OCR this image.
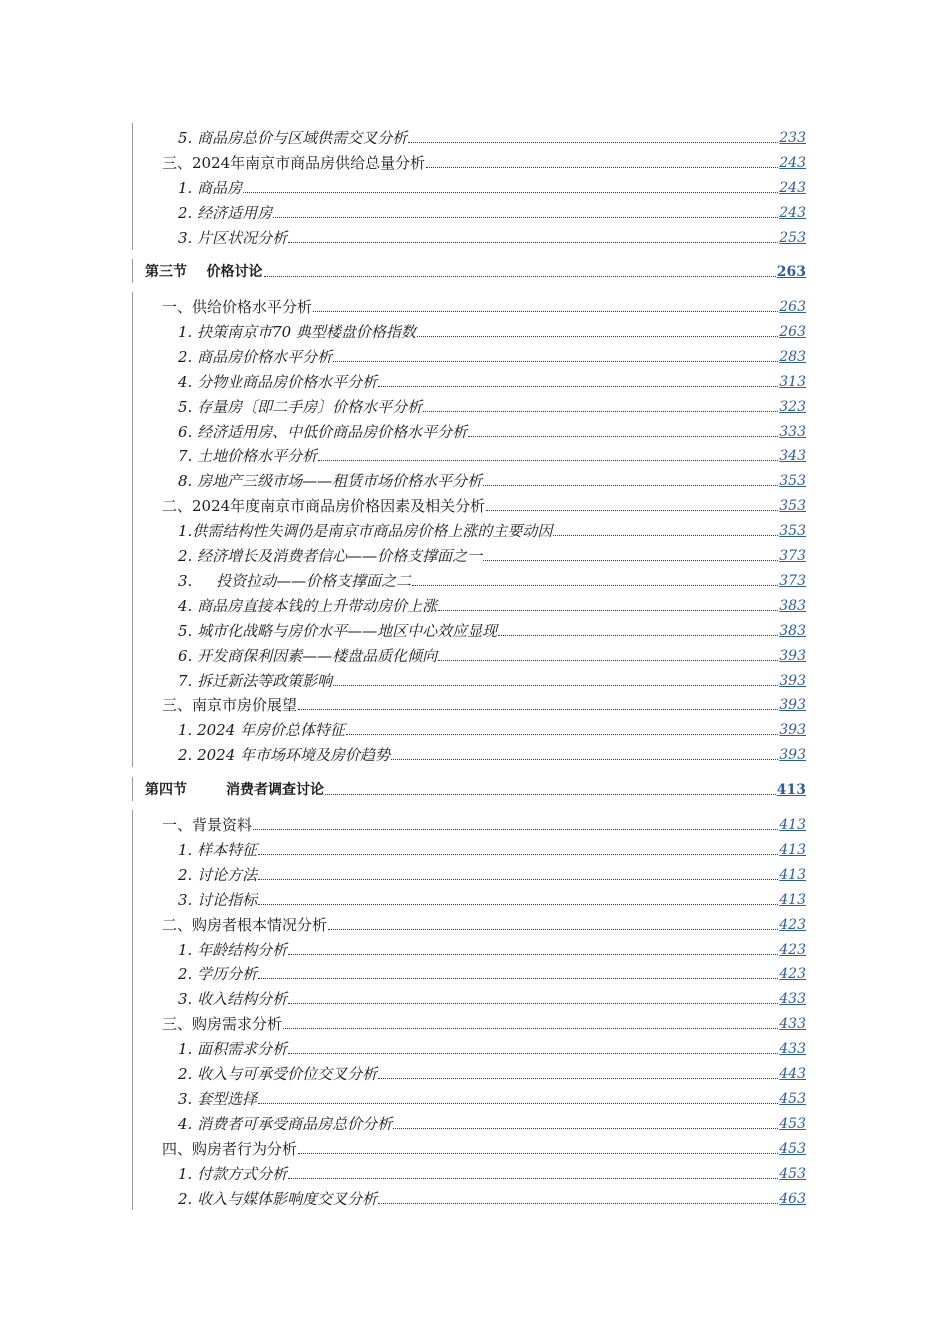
5. 商品房总价与区域供需交叉分析	233
三、2024年南京市商品房供给总量分析	243
1. 商品房	243
2. 经济适用房	243
3. 片区状况分析	253
第三节    价格讨论	263
一、供给价格水平分析	263
1. 抉策南京市70 典型楼盘价格指数	263
2. 商品房价格水平分析	283
4. 分物业商品房价格水平分析	313
5. 存量房〔即二手房〕价格水平分析	323
6. 经济适用房、中低价商品房价格水平分析	333
7. 土地价格水平分析	343
8. 房地产三级市场——租赁市场价格水平分析	353
二、2024年度南京市商品房价格因素及相关分析	353
1.供需结构性失调仍是南京市商品房价格上涨的主要动因	353
2. 经济增长及消费者信心——价格支撑面之一	373
3.     投资拉动——价格支撑面之二	373
4. 商品房直接本钱的上升带动房价上涨	383
5. 城市化战略与房价水平——地区中心效应显现	383
6. 开发商保利因素——楼盘品质化倾向	393
7. 拆迁新法等政策影响	393
三、南京市房价展望	393
1. 2024 年房价总体特征	393
2. 2024 年市场环境及房价趋势	393
第四节        消费者调查讨论	413
一、背景资料	413
1. 样本特征	413
2. 讨论方法	413
3. 讨论指标	413
二、购房者根本情况分析	423
1. 年龄结构分析	423
2. 学历分析	423
3. 收入结构分析	433
三、购房需求分析	433
1. 面积需求分析	433
2. 收入与可承受价位交叉分析	443
3. 套型选择	453
4. 消费者可承受商品房总价分析	453
四、购房者行为分析	453
1. 付款方式分析	453
2. 收入与媒体影响度交叉分析	463
